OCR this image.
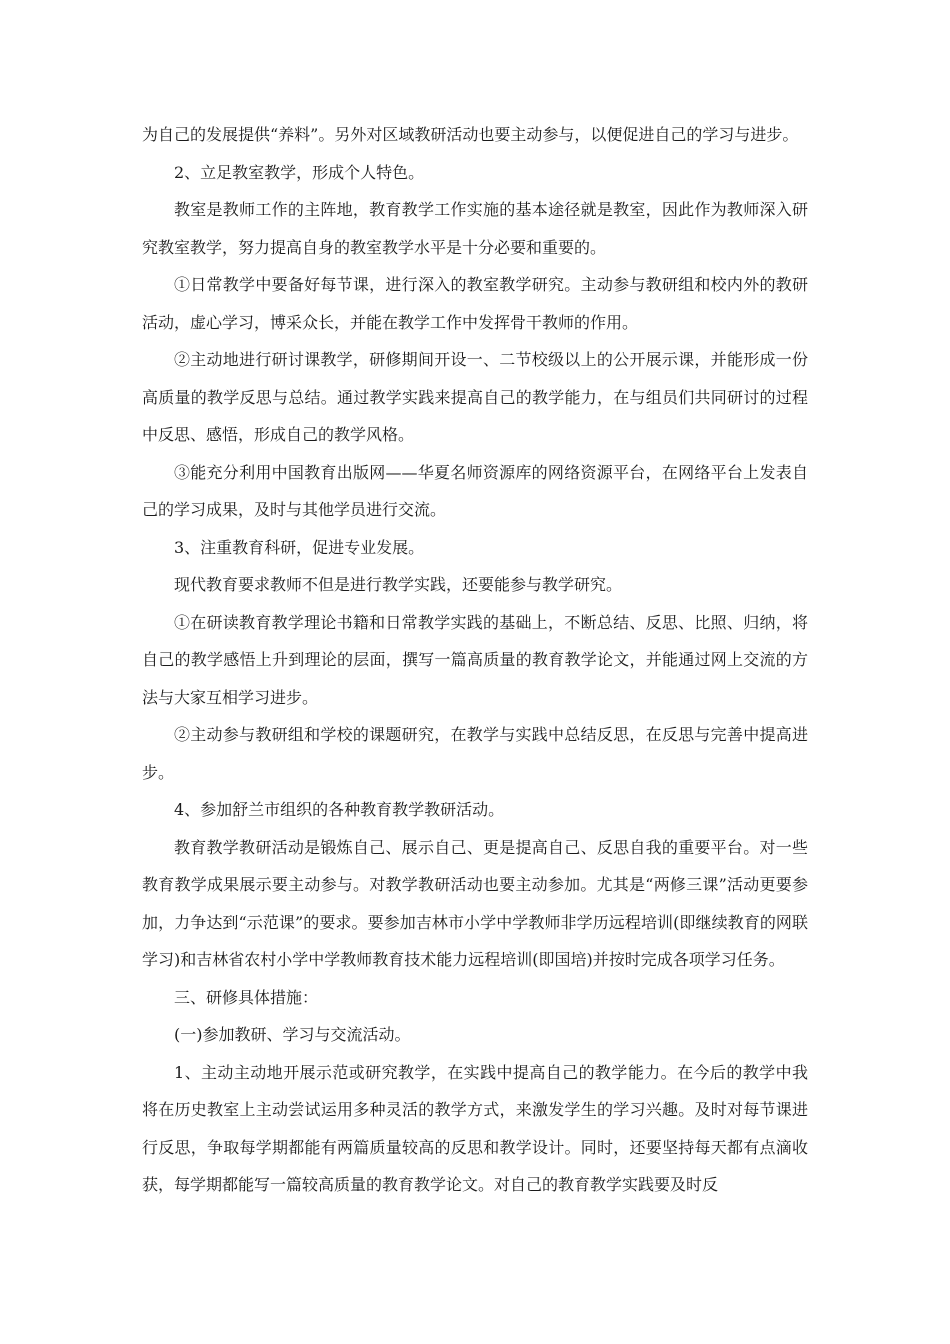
为自己的发展提供“养料”。另外对区域教研活动也要主动参与，以便促进自己的学习与进步。

2、立足教室教学，形成个人特色。

教室是教师工作的主阵地，教育教学工作实施的基本途径就是教室，因此作为教师深入研究教室教学，努力提高自身的教室教学水平是十分必要和重要的。

①日常教学中要备好每节课，进行深入的教室教学研究。主动参与教研组和校内外的教研活动，虚心学习，博采众长，并能在教学工作中发挥骨干教师的作用。

②主动地进行研讨课教学，研修期间开设一、二节校级以上的公开展示课，并能形成一份高质量的教学反思与总结。通过教学实践来提高自己的教学能力，在与组员们共同研讨的过程中反思、感悟，形成自己的教学风格。

③能充分利用中国教育出版网——华夏名师资源库的网络资源平台，在网络平台上发表自己的学习成果，及时与其他学员进行交流。

3、注重教育科研，促进专业发展。

现代教育要求教师不但是进行教学实践，还要能参与教学研究。

①在研读教育教学理论书籍和日常教学实践的基础上，不断总结、反思、比照、归纳，将自己的教学感悟上升到理论的层面，撰写一篇高质量的教育教学论文，并能通过网上交流的方法与大家互相学习进步。

②主动参与教研组和学校的课题研究，在教学与实践中总结反思，在反思与完善中提高进步。

4、参加舒兰市组织的各种教育教学教研活动。

教育教学教研活动是锻炼自己、展示自己、更是提高自己、反思自我的重要平台。对一些教育教学成果展示要主动参与。对教学教研活动也要主动参加。尤其是“两修三课”活动更要参加，力争达到“示范课”的要求。要参加吉林市小学中学教师非学历远程培训(即继续教育的网联学习)和吉林省农村小学中学教师教育技术能力远程培训(即国培)并按时完成各项学习任务。

三、研修具体措施：

(一)参加教研、学习与交流活动。

1、主动主动地开展示范或研究教学，在实践中提高自己的教学能力。在今后的教学中我将在历史教室上主动尝试运用多种灵活的教学方式，来激发学生的学习兴趣。及时对每节课进行反思，争取每学期都能有两篇质量较高的反思和教学设计。同时，还要坚持每天都有点滴收获，每学期都能写一篇较高质量的教育教学论文。对自己的教育教学实践要及时反
